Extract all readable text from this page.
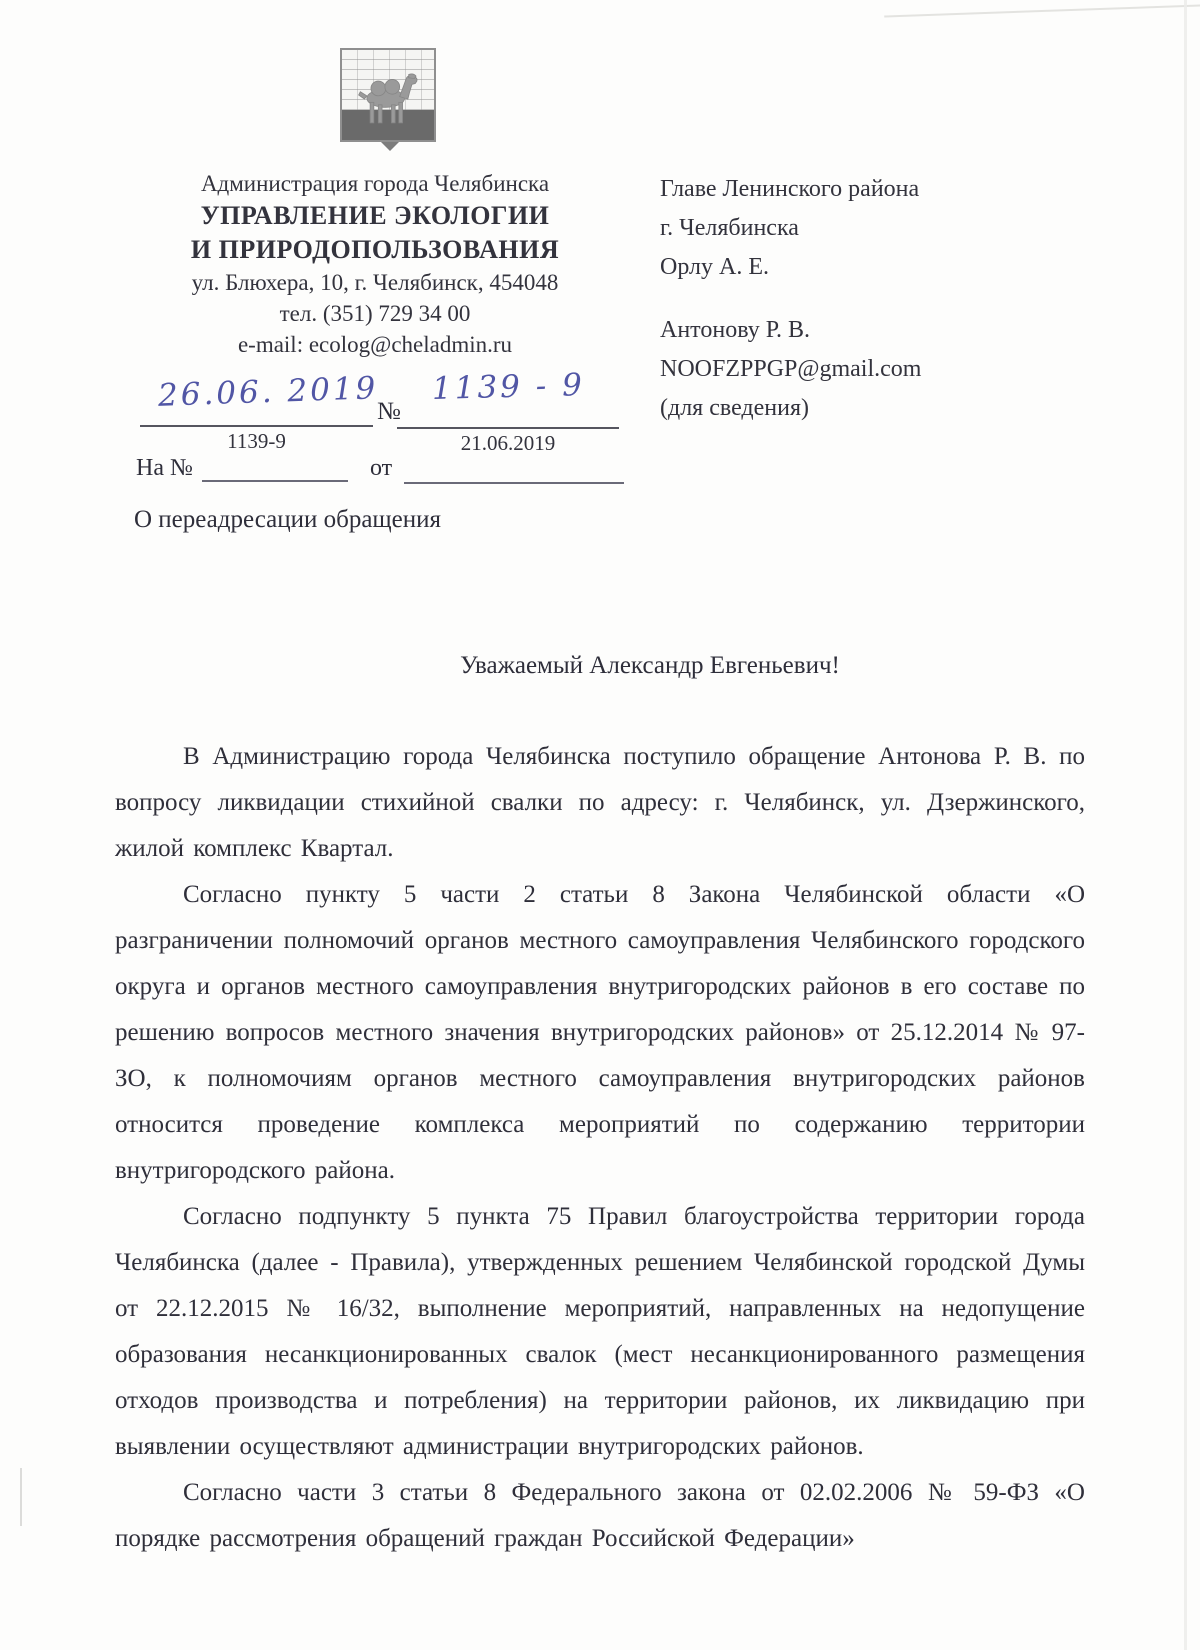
Администрация города Челябинска
УПРАВЛЕНИЕ ЭКОЛОГИИ
И ПРИРОДОПОЛЬЗОВАНИЯ
ул. Блюхера, 10, г. Челябинск, 454048
тел. (351) 729 34 00
e-mail: ecolog@cheladmin.ru
Главе Ленинского района
г. Челябинска
Орлу А. Е.
Антонову Р. В.
NOOFZPPGP@gmail.com
(для сведения)
26.06. 2019
№
1139 - 9
1139-9	21.06.2019
На №	от
О переадресации обращения
Уважаемый Александр Евгеньевич!

В Администрацию города Челябинска поступило обращение Антонова Р. В. по вопросу ликвидации стихийной свалки по адресу: г. Челябинск, ул. Дзержинского, жилой комплекс Квартал.

Согласно пункту 5 части 2 статьи 8 Закона Челябинской области «О разграничении полномочий органов местного самоуправления Челябинского городского округа и органов местного самоуправления внутригородских районов в его составе по решению вопросов местного значения внутригородских районов» от 25.12.2014 № 97-ЗО, к полномочиям органов местного самоуправления внутригородских районов относится проведение комплекса мероприятий по содержанию территории внутригородского района.

Согласно подпункту 5 пункта 75 Правил благоустройства территории города Челябинска (далее - Правила), утвержденных решением Челябинской городской Думы от 22.12.2015 № 16/32, выполнение мероприятий, направленных на недопущение образования несанкционированных свалок (мест несанкционированного размещения отходов производства и потребления) на территории районов, их ликвидацию при выявлении осуществляют администрации внутригородских районов.

Согласно части 3 статьи 8 Федерального закона от 02.02.2006 № 59-ФЗ «О порядке рассмотрения обращений граждан Российской Федерации»
